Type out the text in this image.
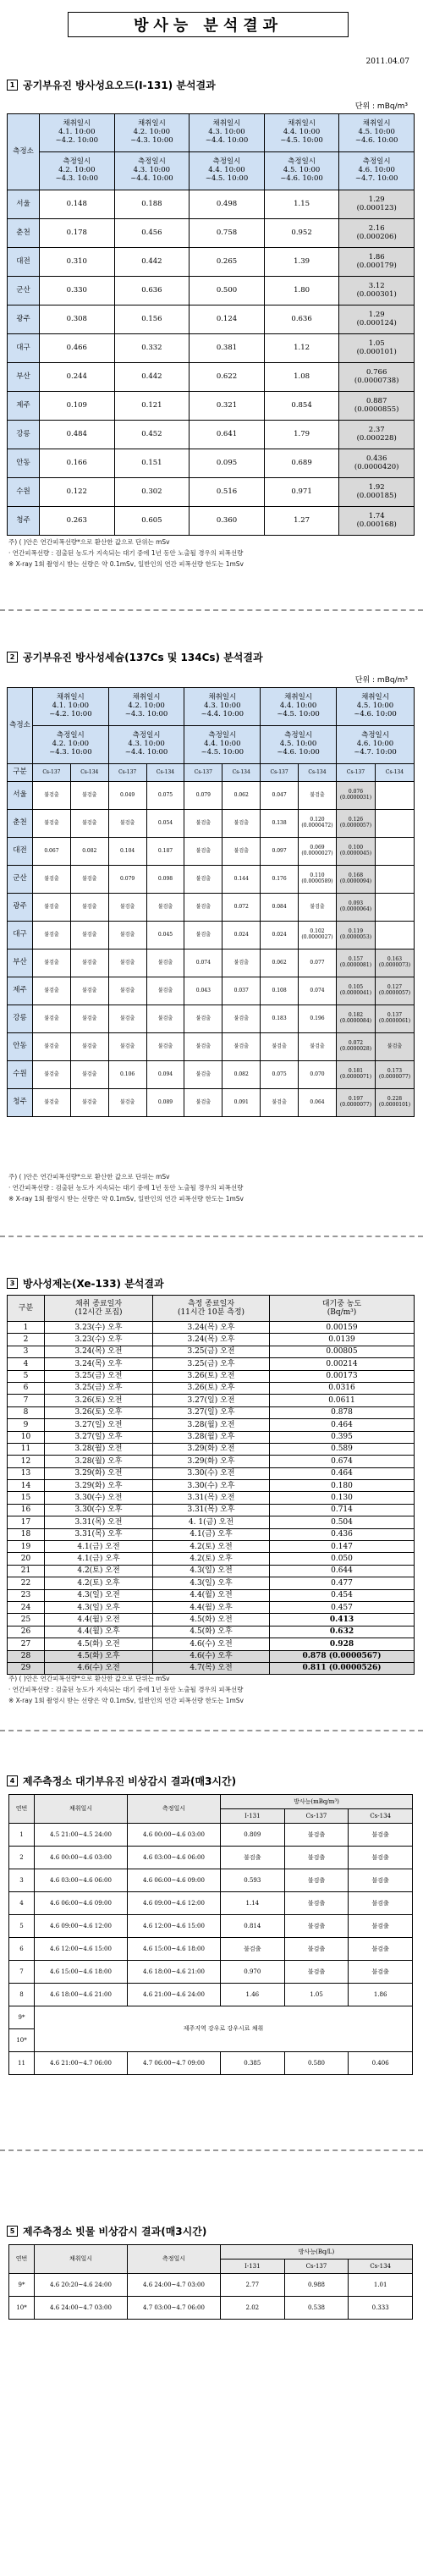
방사능 분석결과
2011.04.07
1 공기부유진 방사성요오드(I-131) 분석결과
단위 : mBq/m³
측정소	채취일시
4.1. 10:00
~4.2. 10:00	채취일시
4.2. 10:00
~4.3. 10:00	채취일시
4.3. 10:00
~4.4. 10:00	채취일시
4.4. 10:00
~4.5. 10:00	채취일시
4.5. 10:00
~4.6. 10:00
	측정일시
4.2. 10:00
~4.3. 10:00	측정일시
4.3. 10:00
~4.4. 10:00	측정일시
4.4. 10:00
~4.5. 10:00	측정일시
4.5. 10:00
~4.6. 10:00	측정일시
4.6. 10:00
~4.7. 10:00
서울	0.148	0.188	0.498	1.15	1.29
(0.000123)
춘천	0.178	0.456	0.758	0.952	2.16
(0.000206)
대전	0.310	0.442	0.265	1.39	1.86
(0.000179)
군산	0.330	0.636	0.500	1.80	3.12
(0.000301)
광주	0.308	0.156	0.124	0.636	1.29
(0.000124)
대구	0.466	0.332	0.381	1.12	1.05
(0.000101)
부산	0.244	0.442	0.622	1.08	0.766
(0.0000738)
제주	0.109	0.121	0.321	0.854	0.887
(0.0000855)
강릉	0.484	0.452	0.641	1.79	2.37
(0.000228)
안동	0.166	0.151	0.095	0.689	0.436
(0.0000420)
수원	0.122	0.302	0.516	0.971	1.92
(0.000185)
청주	0.263	0.605	0.360	1.27	1.74
(0.000168)
주) ( )안은 연간피폭선량*으로 환산한 값으로 단위는 mSv
· 연간피폭선량 : 검출된 농도가 지속되는 대기 중에 1년 동안 노출될 경우의 피폭선량
※ X-ray 1회 촬영시 받는 선량은 약 0.1mSv, 일반인의 연간 피폭선량 한도는 1mSv
2 공기부유진 방사성세슘(137Cs 및 134Cs) 분석결과
단위 : mBq/m³
측정소	채취일시
4.1. 10:00
~4.2. 10:00		채취일시
4.2. 10:00
~4.3. 10:00		채취일시
4.3. 10:00
~4.4. 10:00		채취일시
4.4. 10:00
~4.5. 10:00		채취일시
4.5. 10:00
~4.6. 10:00	
	측정일시
4.2. 10:00
~4.3. 10:00		측정일시
4.3. 10:00
~4.4. 10:00		측정일시
4.4. 10:00
~4.5. 10:00		측정일시
4.5. 10:00
~4.6. 10:00		측정일시
4.6. 10:00
~4.7. 10:00	
구분	Cs-137	Cs-134	Cs-137	Cs-134	Cs-137	Cs-134	Cs-137	Cs-134	Cs-137	Cs-134
서울	불검출	불검출	0.049	0.075	0.079	0.062	0.047	불검출	0.076
(0.0000031)	
춘천	불검출	불검출	불검출	0.054	불검출	불검출	0.138	0.120
(0.0000472)	0.126
(0.0000057)	
대전	0.067	0.082	0.104	0.187	불검출	불검출	0.097	0.069
(0.0000027)	0.100
(0.0000045)	
군산	불검출	불검출	0.079	0.098	불검출	0.144	0.176	0.110
(0.0000589)	0.168
(0.0000094)	
광주	불검출	불검출	불검출	불검출	불검출	0.072	0.084	불검출	0.093
(0.0000064)	
대구	불검출	불검출	불검출	0.045	불검출	0.024	0.024	0.102
(0.0000027)	0.119
(0.0000053)	
부산	불검출	불검출	불검출	불검출	0.074	불검출	0.062	0.077	0.157
(0.0000081)	0.163
(0.0000073)
제주	불검출	불검출	불검출	불검출	0.043	0.037	0.108	0.074	0.105
(0.0000041)	0.127
(0.0000057)
강릉	불검출	불검출	불검출	불검출	불검출	불검출	0.183	0.196	0.182
(0.0000084)	0.137
(0.0000061)
안동	불검출	불검출	불검출	불검출	불검출	불검출	불검출	불검출	0.072
(0.0000028)	불검출
수원	불검출	불검출	0.106	0.094	불검출	0.082	0.075	0.070	0.181
(0.0000071)	0.173
(0.0000077)
청주	불검출	불검출	불검출	0.089	불검출	0.091	불검출	0.064	0.197
(0.0000077)	0.228
(0.0000101)
주) ( )안은 연간피폭선량*으로 환산한 값으로 단위는 mSv
· 연간피폭선량 : 검출된 농도가 지속되는 대기 중에 1년 동안 노출될 경우의 피폭선량
※ X-ray 1회 촬영시 받는 선량은 약 0.1mSv, 일반인의 연간 피폭선량 한도는 1mSv
3 방사성제논(Xe-133) 분석결과
구분	채취 종료일자
(12시간 포집)	측정 종료일자
(11시간 10분 측정)	대기중 농도
(Bq/m³)
1	3.23(수) 오후	3.24(목) 오후	0.00159
2	3.23(수) 오후	3.24(목) 오후	0.0139
3	3.24(목) 오전	3.25(금) 오전	0.00805
4	3.24(목) 오후	3.25(금) 오후	0.00214
5	3.25(금) 오전	3.26(토) 오전	0.00173
6	3.25(금) 오후	3.26(토) 오후	0.0316
7	3.26(토) 오전	3.27(일) 오전	0.0611
8	3.26(토) 오후	3.27(일) 오후	0.878
9	3.27(일) 오전	3.28(월) 오전	0.464
10	3.27(일) 오후	3.28(월) 오후	0.395
11	3.28(월) 오전	3.29(화) 오전	0.589
12	3.28(월) 오후	3.29(화) 오후	0.674
13	3.29(화) 오전	3.30(수) 오전	0.464
14	3.29(화) 오후	3.30(수) 오후	0.180
15	3.30(수) 오전	3.31(목) 오전	0.130
16	3.30(수) 오후	3.31(목) 오후	0.714
17	3.31(목) 오전	4. 1(금) 오전	0.504
18	3.31(목) 오후	4.1(금) 오후	0.436
19	4.1(금) 오전	4.2(토) 오전	0.147
20	4.1(금) 오후	4.2(토) 오후	0.050
21	4.2(토) 오전	4.3(일) 오전	0.644
22	4.2(토) 오후	4.3(일) 오후	0.477
23	4.3(일) 오전	4.4(월) 오전	0.454
24	4.3(일) 오후	4.4(월) 오후	0.457
25	4.4(월) 오전	4.5(화) 오전	0.413
26	4.4(월) 오후	4.5(화) 오후	0.632
27	4.5(화) 오전	4.6(수) 오전	0.928
28	4.5(화) 오후	4.6(수) 오후	0.878 (0.0000567)
29	4.6(수) 오전	4.7(목) 오전	0.811 (0.0000526)
주) ( )안은 연간피폭선량*으로 환산한 값으로 단위는 mSv
· 연간피폭선량 : 검출된 농도가 지속되는 대기 중에 1년 동안 노출될 경우의 피폭선량
※ X-ray 1회 촬영시 받는 선량은 약 0.1mSv, 일반인의 연간 피폭선량 한도는 1mSv
4 제주측정소 대기부유진 비상감시 결과(매3시간)
연번	채취일시	측정일시	방사능(mBq/m³)		
			I-131	Cs-137	Cs-134
1	4.5 21:00~4.5 24:00	4.6 00:00~4.6 03:00	0.809	불검출	불검출
2	4.6 00:00~4.6 03:00	4.6 03:00~4.6 06:00	불검출	불검출	불검출
3	4.6 03:00~4.6 06:00	4.6 06:00~4.6 09:00	0.593	불검출	불검출
4	4.6 06:00~4.6 09:00	4.6 09:00~4.6 12:00	1.14	불검출	불검출
5	4.6 09:00~4.6 12:00	4.6 12:00~4.6 15:00	0.814	불검출	불검출
6	4.6 12:00~4.6 15:00	4.6 15:00~4.6 18:00	불검출	불검출	불검출
7	4.6 15:00~4.6 18:00	4.6 18:00~4.6 21:00	0.970	불검출	불검출
8	4.6 18:00~4.6 21:00	4.6 21:00~4.6 24:00	1.46	1.05	1.86
9*	제주지역 강우로 강우시료 채취				
10*					
11	4.6 21:00~4.7 06:00	4.7 06:00~4.7 09:00	0.385	0.580	0.406
5 제주측정소 빗물 비상감시 결과(매3시간)
연번	채취일시	측정일시	방사능(Bq/L)		
			I-131	Cs-137	Cs-134
9*	4.6 20:20~4.6 24:00	4.6 24:00~4.7 03:00	2.77	0.988	1.01
10*	4.6 24:00~4.7 03:00	4.7 03:00~4.7 06:00	2.02	0.538	0.333
